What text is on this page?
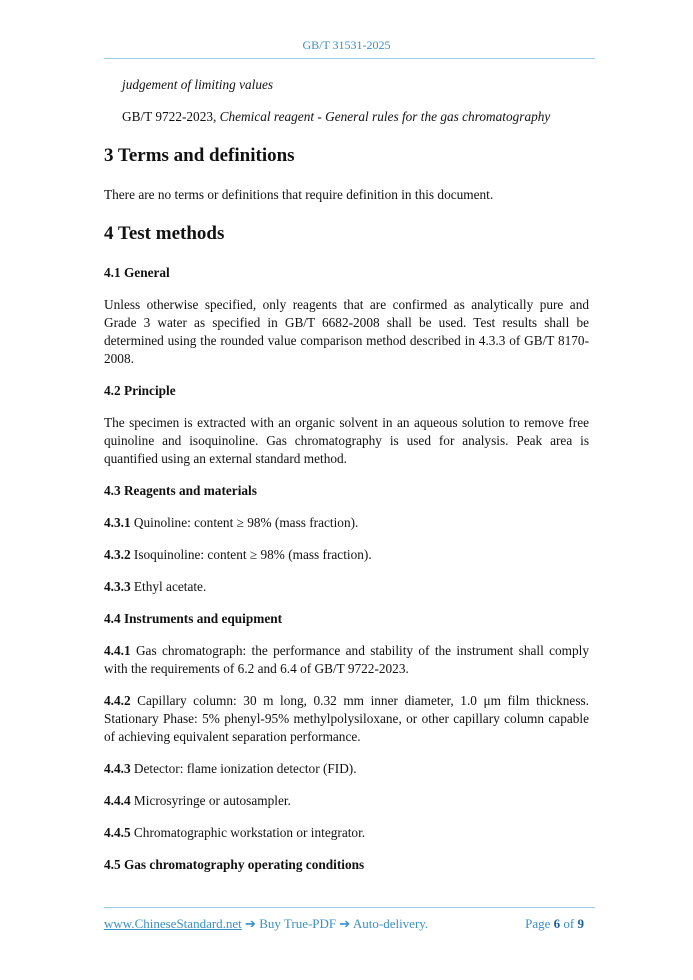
GB/T 31531-2025

judgement of limiting values

GB/T 9722-2023, Chemical reagent - General rules for the gas chromatography

3 Terms and definitions

There are no terms or definitions that require definition in this document.

4 Test methods
4.1 General

Unless otherwise specified, only reagents that are confirmed as analytically pure and Grade 3 water as specified in GB/T 6682-2008 shall be used. Test results shall be determined using the rounded value comparison method described in 4.3.3 of GB/T 8170-2008.

4.2 Principle

The specimen is extracted with an organic solvent in an aqueous solution to remove free quinoline and isoquinoline. Gas chromatography is used for analysis. Peak area is quantified using an external standard method.

4.3 Reagents and materials

4.3.1 Quinoline: content ≥ 98% (mass fraction).

4.3.2 Isoquinoline: content ≥ 98% (mass fraction).

4.3.3 Ethyl acetate.

4.4 Instruments and equipment

4.4.1 Gas chromatograph: the performance and stability of the instrument shall comply with the requirements of 6.2 and 6.4 of GB/T 9722-2023.

4.4.2 Capillary column: 30 m long, 0.32 mm inner diameter, 1.0 μm film thickness. Stationary Phase: 5% phenyl-95% methylpolysiloxane, or other capillary column capable of achieving equivalent separation performance.

4.4.3 Detector: flame ionization detector (FID).

4.4.4 Microsyringe or autosampler.

4.4.5 Chromatographic workstation or integrator.

4.5 Gas chromatography operating conditions
www.ChineseStandard.net ➔ Buy True-PDF ➔ Auto-delivery.	Page 6 of 9
